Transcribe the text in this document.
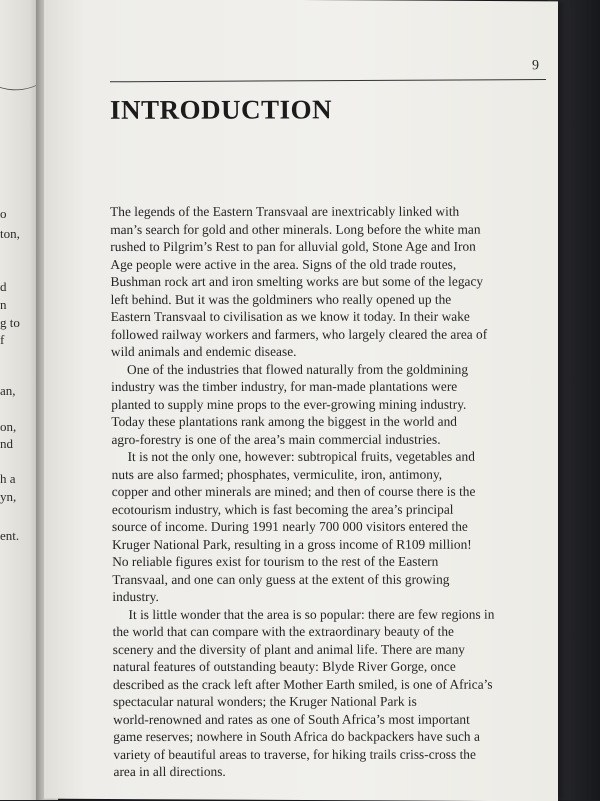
o
ton,
d
n
g to
f
an,
on,
nd
h a
yn,
ent.
9
INTRODUCTION

The legends of the Eastern Transvaal are inextricably linked with
man’s search for gold and other minerals. Long before the white man
rushed to Pilgrim’s Rest to pan for alluvial gold, Stone Age and Iron
Age people were active in the area. Signs of the old trade routes,
Bushman rock art and iron smelting works are but some of the legacy
left behind. But it was the goldminers who really opened up the
Eastern Transvaal to civilisation as we know it today. In their wake
followed railway workers and farmers, who largely cleared the area of
wild animals and endemic disease.

One of the industries that flowed naturally from the goldmining
industry was the timber industry, for man-made plantations were
planted to supply mine props to the ever-growing mining industry.
Today these plantations rank among the biggest in the world and
agro-forestry is one of the area’s main commercial industries.

It is not the only one, however: subtropical fruits, vegetables and
nuts are also farmed; phosphates, vermiculite, iron, antimony,
copper and other minerals are mined; and then of course there is the
ecotourism industry, which is fast becoming the area’s principal
source of income. During 1991 nearly 700 000 visitors entered the
Kruger National Park, resulting in a gross income of R109 million!
No reliable figures exist for tourism to the rest of the Eastern
Transvaal, and one can only guess at the extent of this growing
industry.

It is little wonder that the area is so popular: there are few regions in
the world that can compare with the extraordinary beauty of the
scenery and the diversity of plant and animal life. There are many
natural features of outstanding beauty: Blyde River Gorge, once
described as the crack left after Mother Earth smiled, is one of Africa’s
spectacular natural wonders; the Kruger National Park is
world-renowned and rates as one of South Africa’s most important
game reserves; nowhere in South Africa do backpackers have such a
variety of beautiful areas to traverse, for hiking trails criss-cross the
area in all directions.
